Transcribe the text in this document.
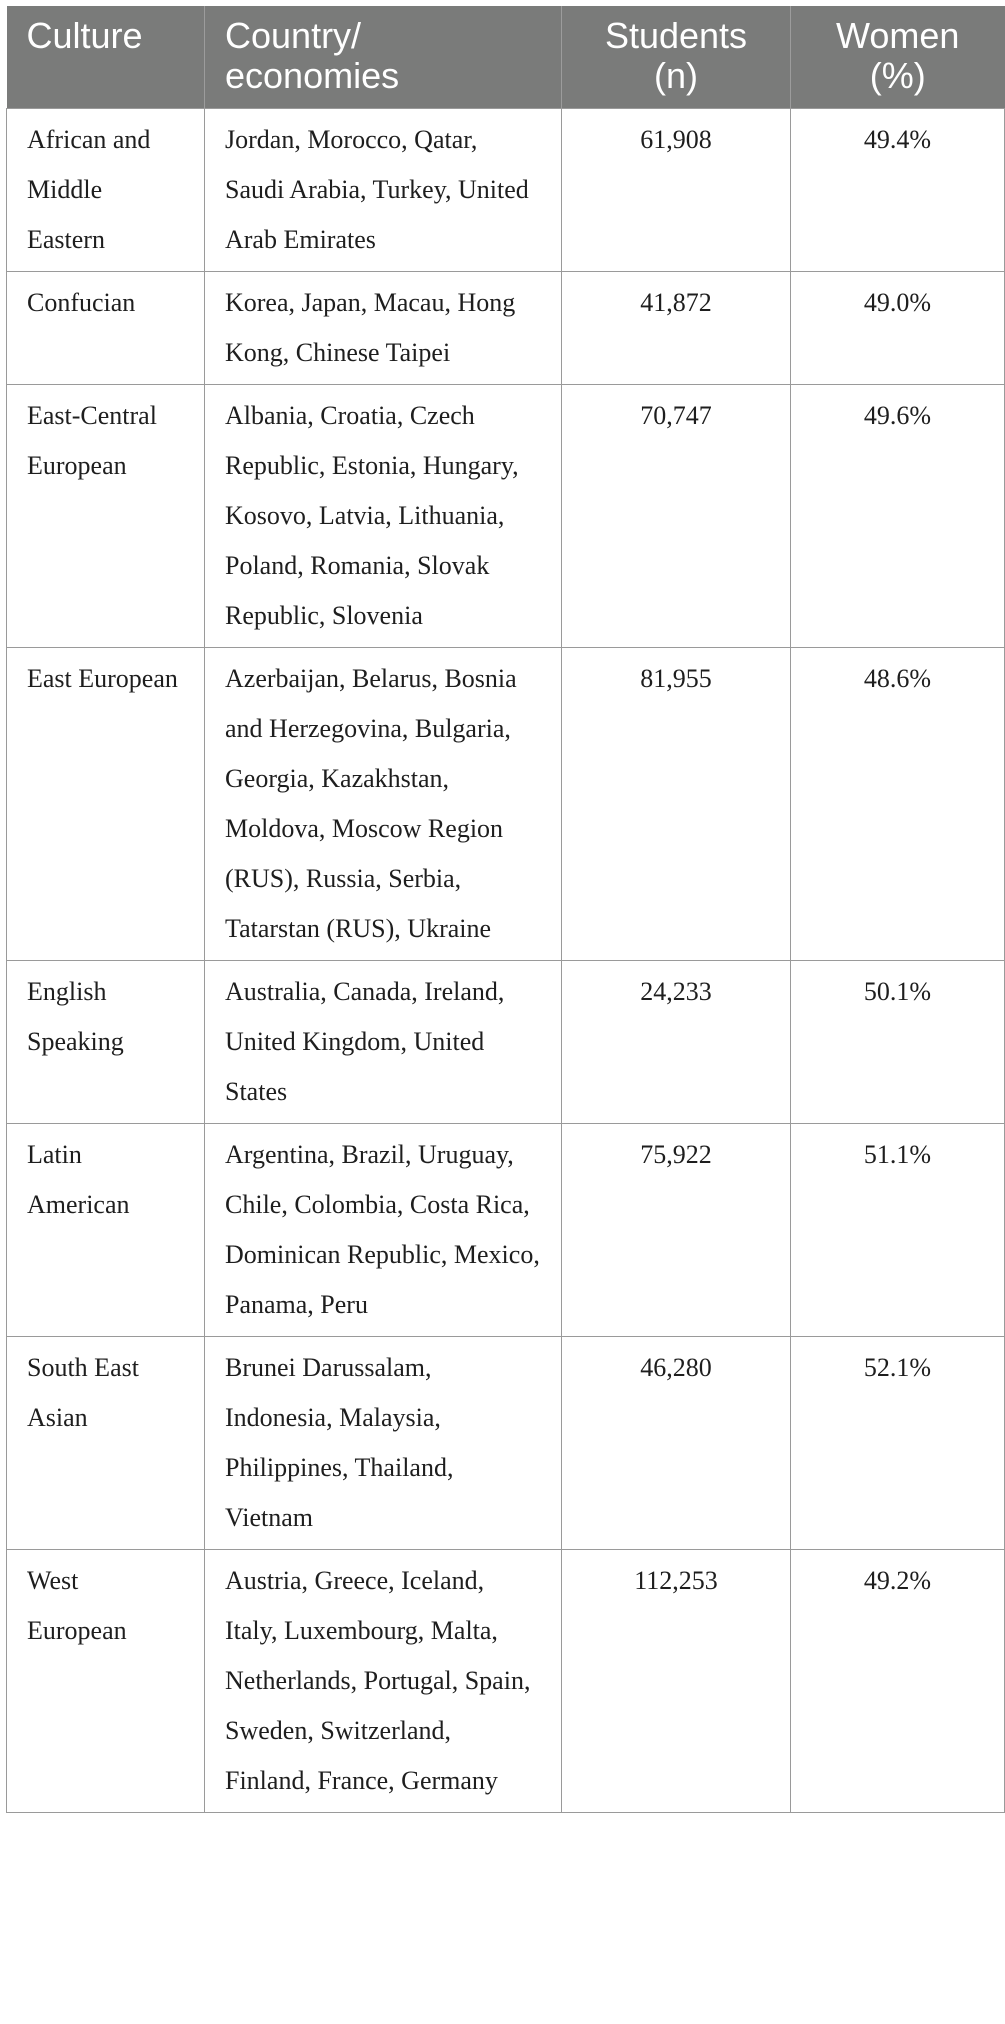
Culture	Country/ economies	Students (n)	Women (%)
African and Middle Eastern	Jordan, Morocco, Qatar, Saudi Arabia, Turkey, United Arab Emirates	61,908	49.4%
Confucian	Korea, Japan, Macau, Hong Kong, Chinese Taipei	41,872	49.0%
East-Central European	Albania, Croatia, Czech Republic, Estonia, Hungary, Kosovo, Latvia, Lithuania, Poland, Romania, Slovak Republic, Slovenia	70,747	49.6%
East European	Azerbaijan, Belarus, Bosnia and Herzegovina, Bulgaria, Georgia, Kazakhstan, Moldova, Moscow Region (RUS), Russia, Serbia, Tatarstan (RUS), Ukraine	81,955	48.6%
English Speaking	Australia, Canada, Ireland, United Kingdom, United States	24,233	50.1%
Latin American	Argentina, Brazil, Uruguay, Chile, Colombia, Costa Rica, Dominican Republic, Mexico, Panama, Peru	75,922	51.1%
South East Asian	Brunei Darussalam, Indonesia, Malaysia, Philippines, Thailand, Vietnam	46,280	52.1%
West European	Austria, Greece, Iceland, Italy, Luxembourg, Malta, Netherlands, Portugal, Spain, Sweden, Switzerland, Finland, France, Germany	112,253	49.2%
